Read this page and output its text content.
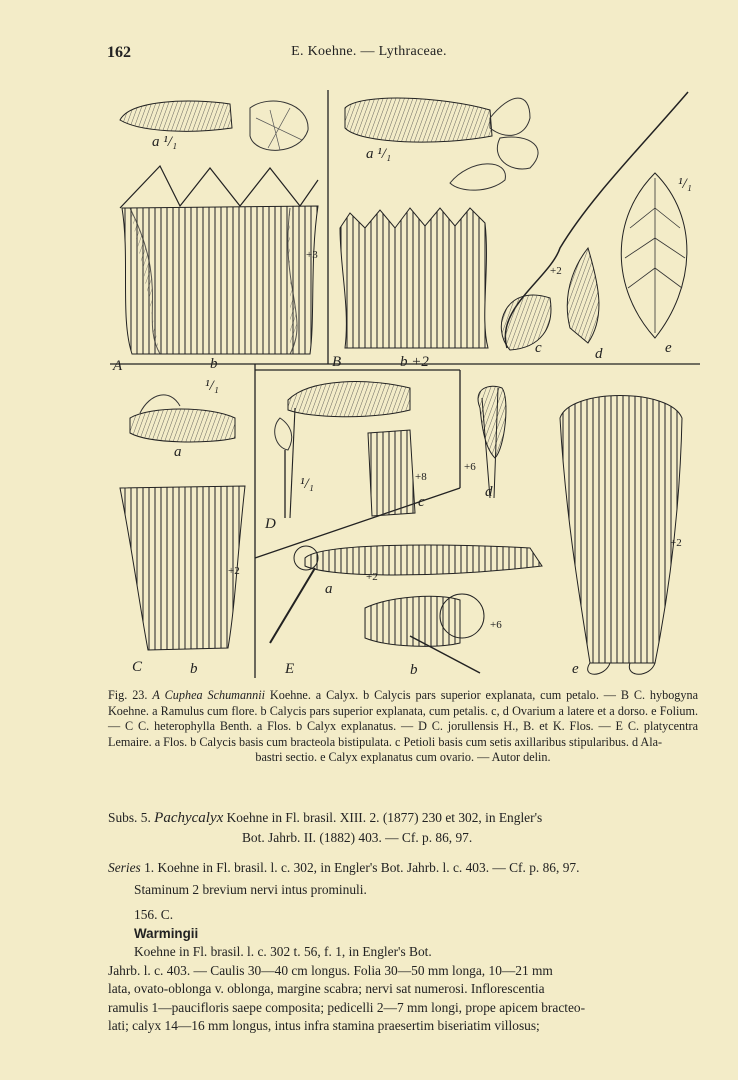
162	E. Koehne. — Lythraceae.
a ¹/₁
A	b
+3
a ¹/₁
B	b +2
+2
c	d	e
¹/₁
¹/₁
a
+2
C	b
¹/₁
D
+8
c
+6
d
a
+2
+6
E	b
+2
e
Fig. 23. A Cuphea Schumannii Koehne. a Calyx. b Calycis pars superior explanata, cum petalo. — B C. hybogyna Koehne. a Ramulus cum flore. b Calycis pars superior explanata, cum petalis. c, d Ovarium a latere et a dorso. e Folium. — C C. heterophylla Benth. a Flos. b Calyx explanatus. — D C. jorullensis H., B. et K. Flos. — E C. platycentra Lemaire. a Flos. b Calycis basis cum bracteola bistipulata. c Petioli basis cum setis axillaribus stipularibus. d Ala-
bastri sectio. e Calyx explanatus cum ovario. — Autor delin.
Subs. 5. Pachycalyx Koehne in Fl. brasil. XIII. 2. (1877) 230 et 302, in Engler's
Bot. Jahrb. II. (1882) 403. — Cf. p. 86, 97.
Series 1. Koehne in Fl. brasil. l. c. 302, in Engler's Bot. Jahrb. l. c. 403. — Cf. p. 86, 97.
Staminum 2 brevium nervi intus prominuli.
156. C.
Warmingii
Koehne in Fl. brasil. l. c. 302 t. 56, f. 1, in Engler's Bot.
Jahrb. l. c. 403. — Caulis 30—40 cm longus. Folia 30—50 mm longa, 10—21 mm
lata, ovato-oblonga v. oblonga, margine scabra; nervi sat numerosi. Inflorescentia
ramulis 1—paucifloris saepe composita; pedicelli 2—7 mm longi, prope apicem bracteo-
lati; calyx 14—16 mm longus, intus infra stamina praesertim biseriatim villosus;
